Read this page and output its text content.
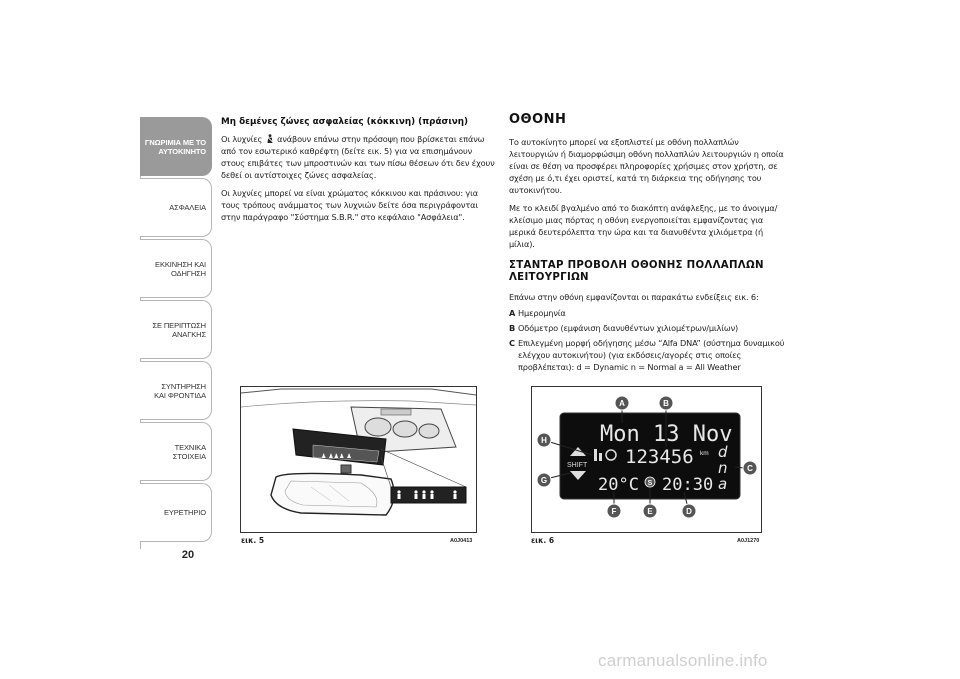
ΓΝΩΡΙΜΙΑ ΜΕ ΤΟ ΑΥΤΟΚΙΝΗΤΟ
ΑΣΦΑΛΕΙΑ
ΕΚΚΙΝΗΣΗ ΚΑΙ ΟΔΗΓΗΣΗ
ΣΕ ΠΕΡΙΠΤΩΣΗ ΑΝΑΓΚΗΣ
ΣΥΝΤΗΡΗΣΗ ΚΑΙ ΦΡΟΝΤΙΔΑ
ΤΕΧΝΙΚΑ ΣΤΟΙΧΕΙΑ
ΕΥΡΕΤΗΡΙΟ
20
Μη δεμένες ζώνες ασφαλείας (κόκκινη) (πράσινη)

Οι λυχνίες ανάβουν επάνω στην πρόσοψη που βρίσκεται επάνω από τον εσωτερικό καθρέφτη (δείτε εικ. 5) για να επισημάνουν στους επιβάτες των μπροστινών και των πίσω θέσεων ότι δεν έχουν δεθεί οι αντίστοιχες ζώνες ασφαλείας.

Οι λυχνίες μπορεί να είναι χρώματος κόκκινου και πράσινου: για τους τρόπους ανάμματος των λυχνιών δείτε όσα περιγράφονται στην παράγραφο "Σύστημα S.B.R." στο κεφάλαιο "Ασφάλεια".

ΟΘΟΝΗ

Το αυτοκίνητο μπορεί να εξοπλιστεί με οθόνη πολλαπλών λειτουργιών ή διαμορφώσιμη οθόνη πολλαπλών λειτουργιών η οποία είναι σε θέση να προσφέρει πληροφορίες χρήσιμες στον χρήστη, σε σχέση με ό,τι έχει οριστεί, κατά τη διάρκεια της οδήγησης του αυτοκινήτου.

Με το κλειδί βγαλμένο από το διακόπτη ανάφλεξης, με το άνοιγμα/κλείσιμο μιας πόρτας η οθόνη ενεργοποιείται εμφανίζοντας για μερικά δευτερόλεπτα την ώρα και τα διανυθέντα χιλιόμετρα (ή μίλια).

ΣΤΑΝΤΑΡ ΠΡΟΒΟΛΗ ΟΘΟΝΗΣ ΠΟΛΛΑΠΛΩΝ ΛΕΙΤΟΥΡΓΙΩΝ

Επάνω στην οθόνη εμφανίζονται οι παρακάτω ενδείξεις εικ. 6:

A Ημερομηνία
B Οδόμετρο (εμφάνιση διανυθέντων χιλιομέτρων/μιλίων)
C Επιλεγμένη μορφή οδήγησης μέσω “Alfa DNA” (σύστημα δυναμικού ελέγχου αυτοκινήτου) (για εκδόσεις/αγορές στις οποίες προβλέπεται): d = Dynamic n = Normal a = All Weather
♟ ♟♟♟ ♟
εικ. 5	A0J0413
Mon 13 Nov
SHIFT 123456 km d
n
a
20°C 20:30
A	B
C
D
E
F
G
H
S
εικ. 6	A0J1270
carmanualsonline.info
